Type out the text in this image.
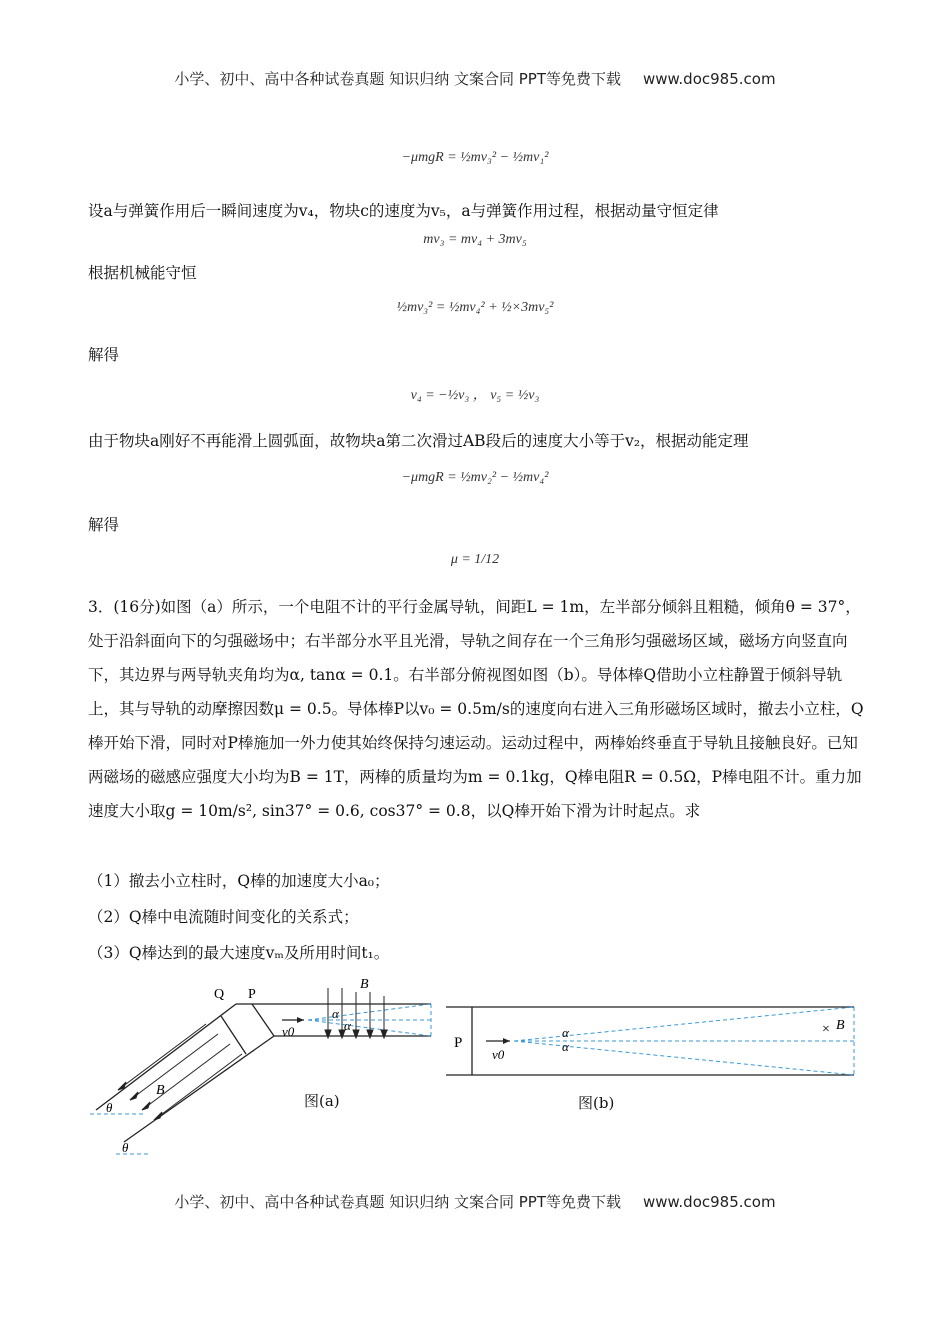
小学、初中、高中各种试卷真题 知识归纳 文案合同 PPT等免费下载 www.doc985.com
−μmgR = ½mv₃² − ½mv₁²
设a与弹簧作用后一瞬间速度为v₄，物块c的速度为v₅，a与弹簧作用过程，根据动量守恒定律
mv₃ = mv₄ + 3mv₅
根据机械能守恒
½mv₃² = ½mv₄² + ½×3mv₅²
解得
v₄ = −½v₃ ， v₅ = ½v₃
由于物块a刚好不再能滑上圆弧面，故物块a第二次滑过AB段后的速度大小等于v₂，根据动能定理
−μmgR = ½mv₂² − ½mv₄²
解得
μ = 1/12
3．(16分)如图（a）所示，一个电阻不计的平行金属导轨，间距L = 1m，左半部分倾斜且粗糙，倾角θ = 37°，处于沿斜面向下的匀强磁场中；右半部分水平且光滑，导轨之间存在一个三角形匀强磁场区域，磁场方向竖直向下，其边界与两导轨夹角均为α, tanα = 0.1。右半部分俯视图如图（b）。导体棒Q借助小立柱静置于倾斜导轨上，其与导轨的动摩擦因数μ = 0.5。导体棒P以v₀ = 0.5m/s的速度向右进入三角形磁场区域时，撤去小立柱，Q棒开始下滑，同时对P棒施加一外力使其始终保持匀速运动。运动过程中，两棒始终垂直于导轨且接触良好。已知两磁场的磁感应强度大小均为B = 1T，两棒的质量均为m = 0.1kg，Q棒电阻R = 0.5Ω，P棒电阻不计。重力加速度大小取g = 10m/s², sin37° = 0.6, cos37° = 0.8，以Q棒开始下滑为计时起点。求
（1）撤去小立柱时，Q棒的加速度大小a₀；
（2）Q棒中电流随时间变化的关系式；
（3）Q棒达到的最大速度vₘ及所用时间t₁。
Q P
B
v0
α
α
B
θ
θ
图(a)
P
v0
α
α
× B
图(b)
小学、初中、高中各种试卷真题 知识归纳 文案合同 PPT等免费下载 www.doc985.com
